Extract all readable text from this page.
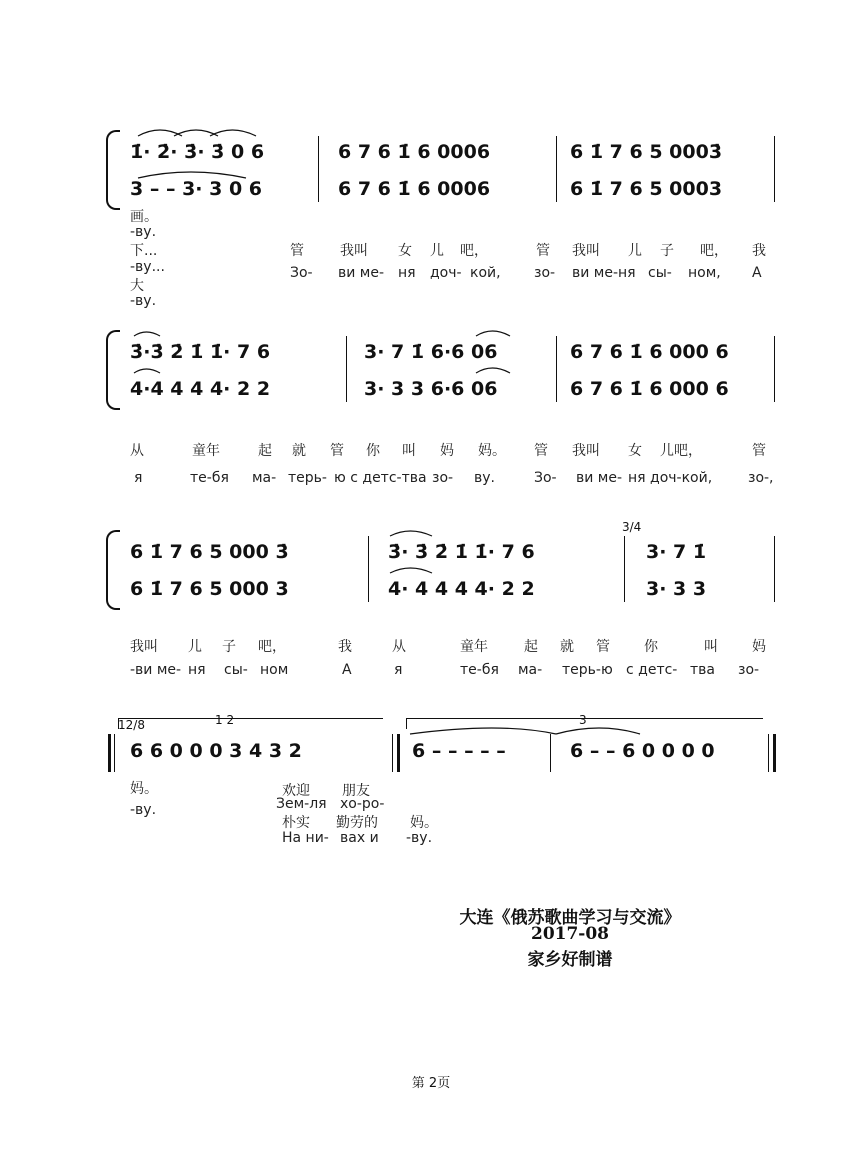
1̇· 2̇· 3̇· 3̇ 0 6	6 7 6 1̇ 6 0006	6 1̇ 7 6 5 0003̇
3 – – 3· 3 0 6	6 7 6 1̇ 6 0006	6 1̇ 7 6 5 0003
画。
-ву.
下...
-ву...
大
-ву.
管	我叫 女 儿 吧，	管 我叫 儿 子 吧， 我
Зо- ви ме- ня доч- кой, зо- ви ме-ня сы- ном, А
3̇·3̇ 2̇ 1̇ 1̇· 7 6	3· 7 1̇ 6·6 06	6 7 6 1̇ 6 000 6
4·4 4 4 4· 2 2	3· 3 3 6·6 06	6 7 6 1̇ 6 000 6
从	童年	起 就 管 你 叫 妈 妈。 管 我叫 女 儿吧，	管
я	те-бя ма- терь- ю с детс-тва зо- ву.	Зо- ви ме- ня доч-кой,	зо-,
3/4
6 1̇ 7 6 5 000 3̇	3̇· 3̇ 2̇ 1̇ 1̇· 7 6	3· 7 1̇
6 1̇ 7 6 5 000 3	4· 4 4 4 4· 2 2	3· 3 3
我叫 儿 子 吧，	我	从	童年	起 就 管 你	叫 妈
-ви ме- ня сы- ном	А	я	те-бя ма- терь-ю с детс- тва зо-
12/8	1 2	3
6 6 0 0 0 3 4 3 2	6 – – – – –	6 – – 6 0 0 0 0
妈。
-ву.
欢迎 朋友
Зем-ля хо-ро-
朴实 勤劳的 妈。
На ни- вах и -ву.
大连《俄苏歌曲学习与交流》
2017-08
家乡好制谱
第 2页
